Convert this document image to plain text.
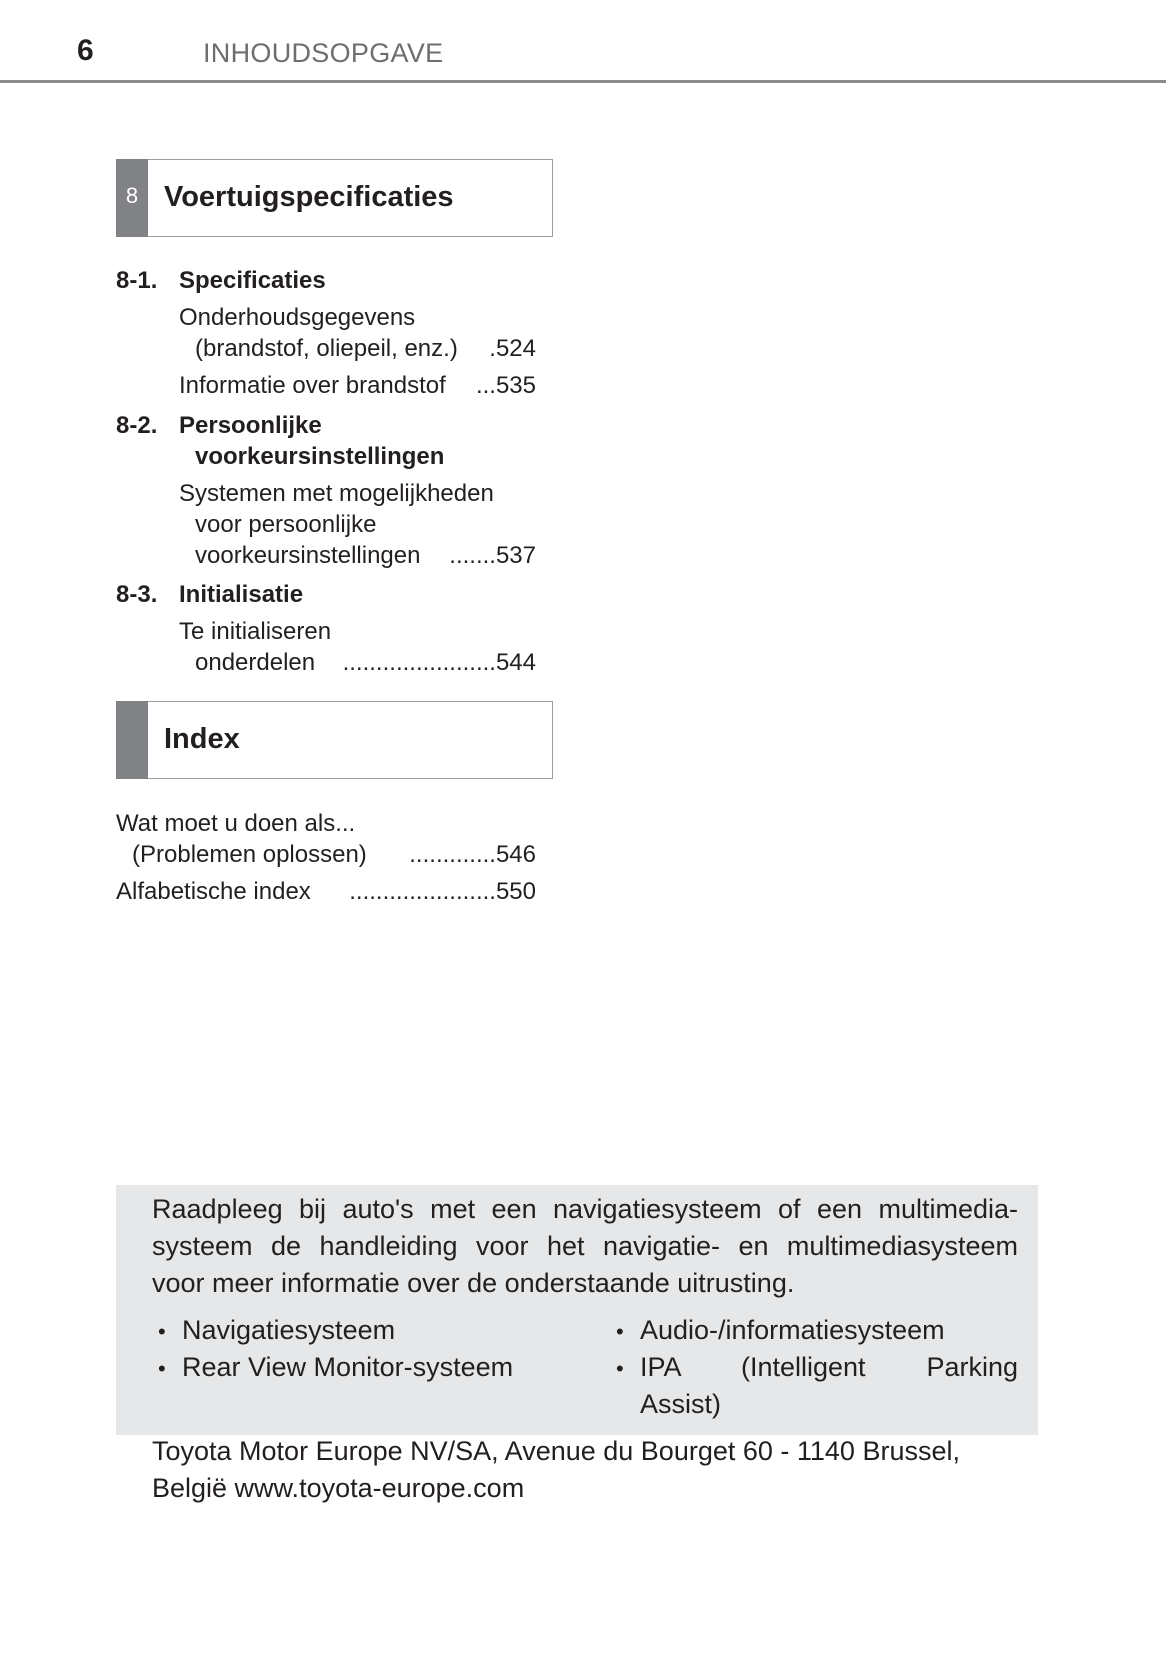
6	INHOUDSOPGAVE
8 Voertuigspecificaties
8-1. Specificaties
Onderhoudsgegevens
(brandstof, oliepeil, enz.) .524
Informatie over brandstof ...535
8-2. Persoonlijke
voorkeursinstellingen
Systemen met mogelijkheden
voor persoonlijke
voorkeursinstellingen .......537
8-3. Initialisatie
Te initialiseren
onderdelen .......................544
Index
Wat moet u doen als...
(Problemen oplossen) .............546
Alfabetische index ......................550
Raadpleeg bij auto's met een navigatiesysteem of een multimedia-
systeem de handleiding voor het navigatie- en multimediasysteem
voor meer informatie over de onderstaande uitrusting.
• Navigatiesysteem
• Rear View Monitor-systeem
• Audio-/informatiesysteem
• IPA (Intelligent Parking
Assist)
Toyota Motor Europe NV/SA, Avenue du Bourget 60 - 1140 Brussel,
België www.toyota-europe.com
